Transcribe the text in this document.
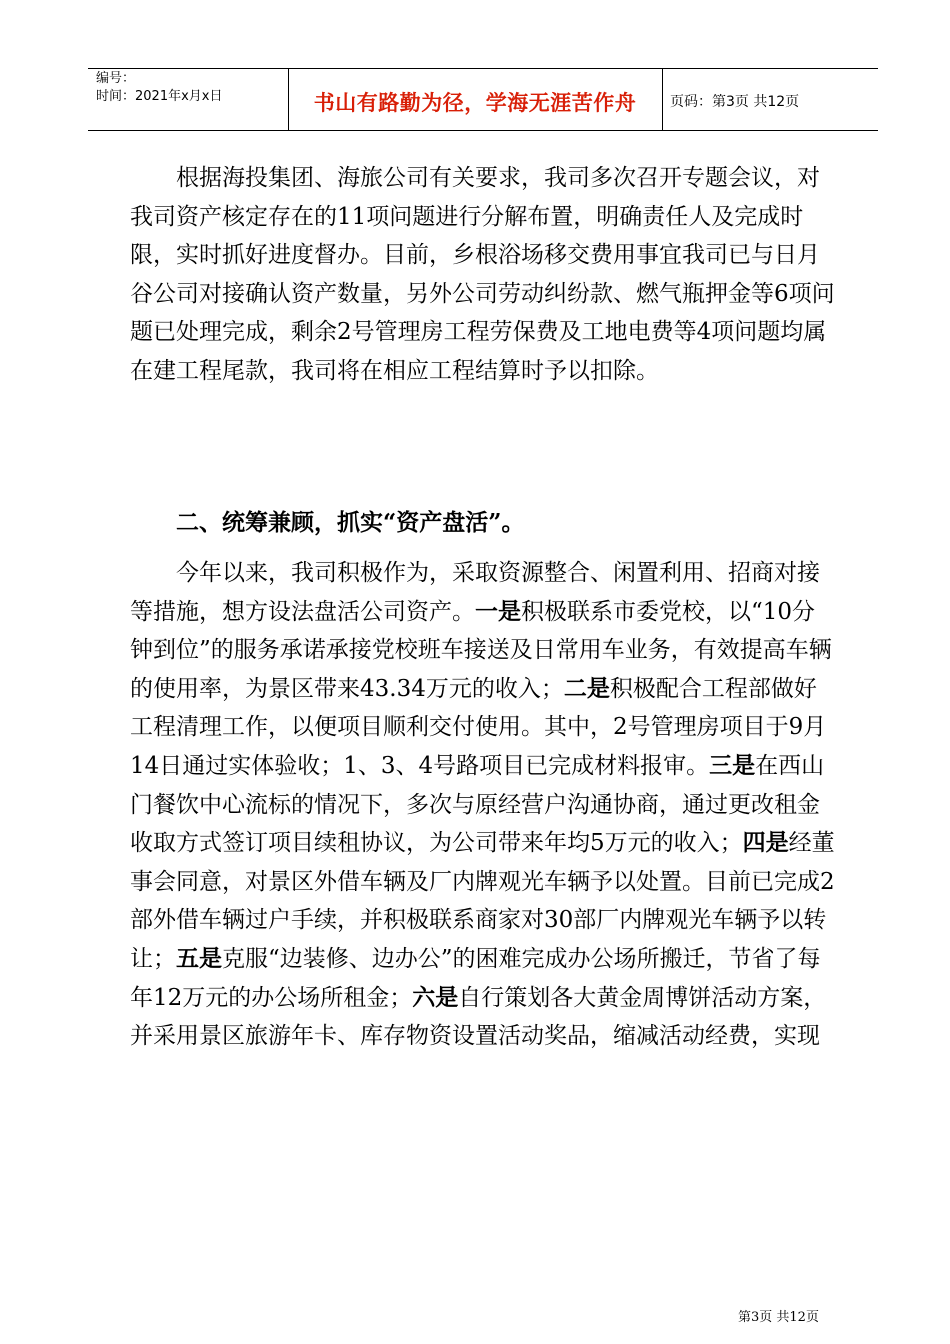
编号：
时间：2021年x月x日	书山有路勤为径，学海无涯苦作舟	页码：第3页 共12页

根据海投集团、海旅公司有关要求，我司多次召开专题会议，对我司资产核定存在的11项问题进行分解布置，明确责任人及完成时限，实时抓好进度督办。目前，乡根浴场移交费用事宜我司已与日月谷公司对接确认资产数量，另外公司劳动纠纷款、燃气瓶押金等6项问题已处理完成，剩余2号管理房工程劳保费及工地电费等4项问题均属在建工程尾款，我司将在相应工程结算时予以扣除。

二、统筹兼顾，抓实“资产盘活”。

今年以来，我司积极作为，采取资源整合、闲置利用、招商对接等措施，想方设法盘活公司资产。一是积极联系市委党校，以“10分钟到位”的服务承诺承接党校班车接送及日常用车业务，有效提高车辆的使用率，为景区带来43.34万元的收入；二是积极配合工程部做好工程清理工作，以便项目顺利交付使用。其中，2号管理房项目于9月14日通过实体验收；1、3、4号路项目已完成材料报审。三是在西山门餐饮中心流标的情况下，多次与原经营户沟通协商，通过更改租金收取方式签订项目续租协议，为公司带来年均5万元的收入；四是经董事会同意，对景区外借车辆及厂内牌观光车辆予以处置。目前已完成2部外借车辆过户手续，并积极联系商家对30部厂内牌观光车辆予以转让；五是克服“边装修、边办公”的困难完成办公场所搬迁，节省了每年12万元的办公场所租金；六是自行策划各大黄金周博饼活动方案，并采用景区旅游年卡、库存物资设置活动奖品，缩减活动经费，实现

第3页 共12页
